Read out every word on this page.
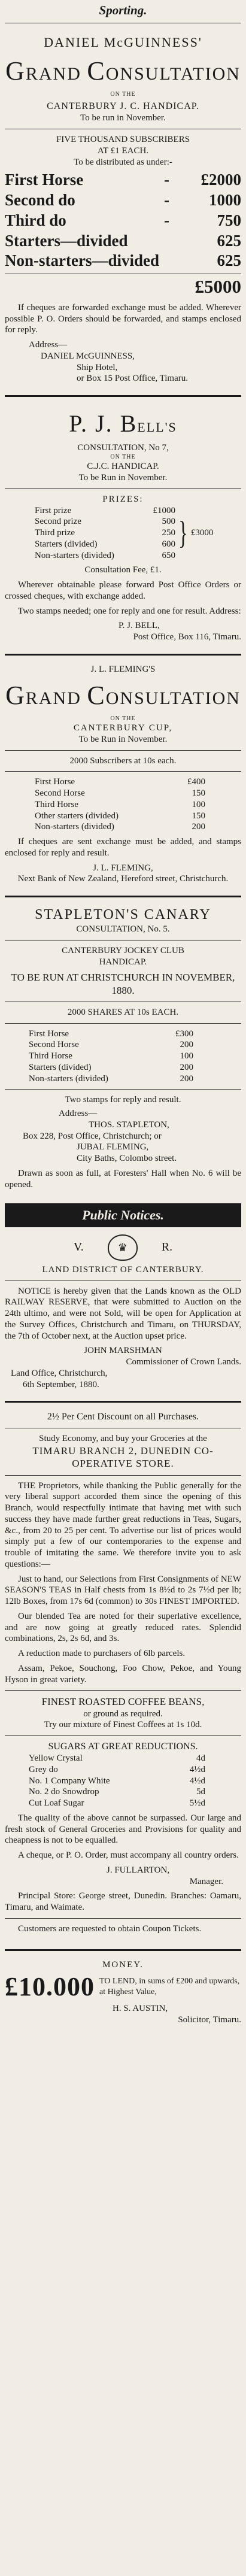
Sporting.
DANIEL McGUINNESS'
GRAND CONSULTATION
ON THE
CANTERBURY J. C. HANDICAP.
To be run in November.
FIVE THOUSAND SUBSCRIBERS
AT £1 EACH.
To be distributed as under:-
First Horse	-	£2000
Second do	-	1000
Third do	-	750
Starters—divided	625
Non-starters—divided	625
£5000

If cheques are forwarded exchange must be added. Wherever possible P. O. Orders should be forwarded, and stamps enclosed for reply.

Address—
DANIEL McGUINNESS,
Ship Hotel,
or Box 15 Post Office, Timaru.
P. J. BELL'S
CONSULTATION, No 7,
ON THE
C.J.C. HANDICAP.
To be Run in November.
PRIZES:
First prize	£1000
Second prize	500
Third prize	250
Starters (divided)	600
Non-starters (divided)	650
} £3000
Consultation Fee, £1.

Wherever obtainable please forward Post Office Orders or crossed cheques, with exchange added.

Two stamps needed; one for reply and one for result. Address:

P. J. BELL,
Post Office, Box 116, Timaru.
J. L. FLEMING'S
GRAND CONSULTATION
ON THE
CANTERBURY CUP,
To be Run in November.
2000 Subscribers at 10s each.
First Horse	£400
Second Horse	150
Third Horse	100
Other starters (divided)	150
Non-starters (divided)	200

If cheques are sent exchange must be added, and stamps enclosed for reply and result.

J. L. FLEMING,
Next Bank of New Zealand, Hereford street, Christchurch.
STAPLETON'S CANARY
CONSULTATION, No. 5.
CANTERBURY JOCKEY CLUB
HANDICAP.
TO BE RUN AT CHRISTCHURCH IN NOVEMBER, 1880.
2000 SHARES AT 10s EACH.
First Horse	£300
Second Horse	200
Third Horse	100
Starters (divided)	200
Non-starters (divided)	200
Two stamps for reply and result.
Address—
THOS. STAPLETON,
Box 228, Post Office, Christchurch; or
JUBAL FLEMING,
City Baths, Colombo street.

Drawn as soon as full, at Foresters' Hall when No. 6 will be opened.

Public Notices.
V.	♛	R.
LAND DISTRICT OF CANTERBURY.

NOTICE is hereby given that the Lands known as the OLD RAILWAY RESERVE, that were submitted to Auction on the 24th ultimo, and were not Sold, will be open for Application at the Survey Offices, Christchurch and Timaru, on THURSDAY, the 7th of October next, at the Auction upset price.

JOHN MARSHMAN
Commissioner of Crown Lands.
Land Office, Christchurch,
6th September, 1880.
2½ Per Cent Discount on all Purchases.
Study Economy, and buy your Groceries at the
TIMARU BRANCH 2, DUNEDIN CO-OPERATIVE STORE.

THE Proprietors, while thanking the Public generally for the very liberal support accorded them since the opening of this Branch, would respectfully intimate that having met with such success they have made further great reductions in Teas, Sugars, &c., from 20 to 25 per cent. To advertise our list of prices would simply put a few of our contemporaries to the expense and trouble of imitating the same. We therefore invite you to ask questions:—

Just to hand, our Selections from First Consignments of NEW SEASON'S TEAS in Half chests from 1s 8½d to 2s 7½d per lb; 12lb Boxes, from 17s 6d (common) to 30s FINEST IMPORTED.

Our blended Tea are noted for their superlative excellence, and are now going at greatly reduced rates. Splendid combinations, 2s, 2s 6d, and 3s.

A reduction made to purchasers of 6lb parcels.

Assam, Pekoe, Souchong, Foo Chow, Pekoe, and Young Hyson in great variety.

FINEST ROASTED COFFEE BEANS,
or ground as required.
Try our mixture of Finest Coffees at 1s 10d.
SUGARS AT GREAT REDUCTIONS.
Yellow Crystal	4d
Grey do	4½d
No. 1 Company White	4½d
No. 2 do Snowdrop	5d
Cut Loaf Sugar	5½d

The quality of the above cannot be surpassed. Our large and fresh stock of General Groceries and Provisions for quality and cheapness is not to be equalled.

A cheque, or P. O. Order, must accompany all country orders.

J. FULLARTON,
Manager.

Principal Store: George street, Dunedin. Branches: Oamaru, Timaru, and Waimate.

Customers are requested to obtain Coupon Tickets.

MONEY.
£10.000 TO LEND, in sums of £200 and upwards, at Highest Value,
H. S. AUSTIN,
Solicitor, Timaru.
